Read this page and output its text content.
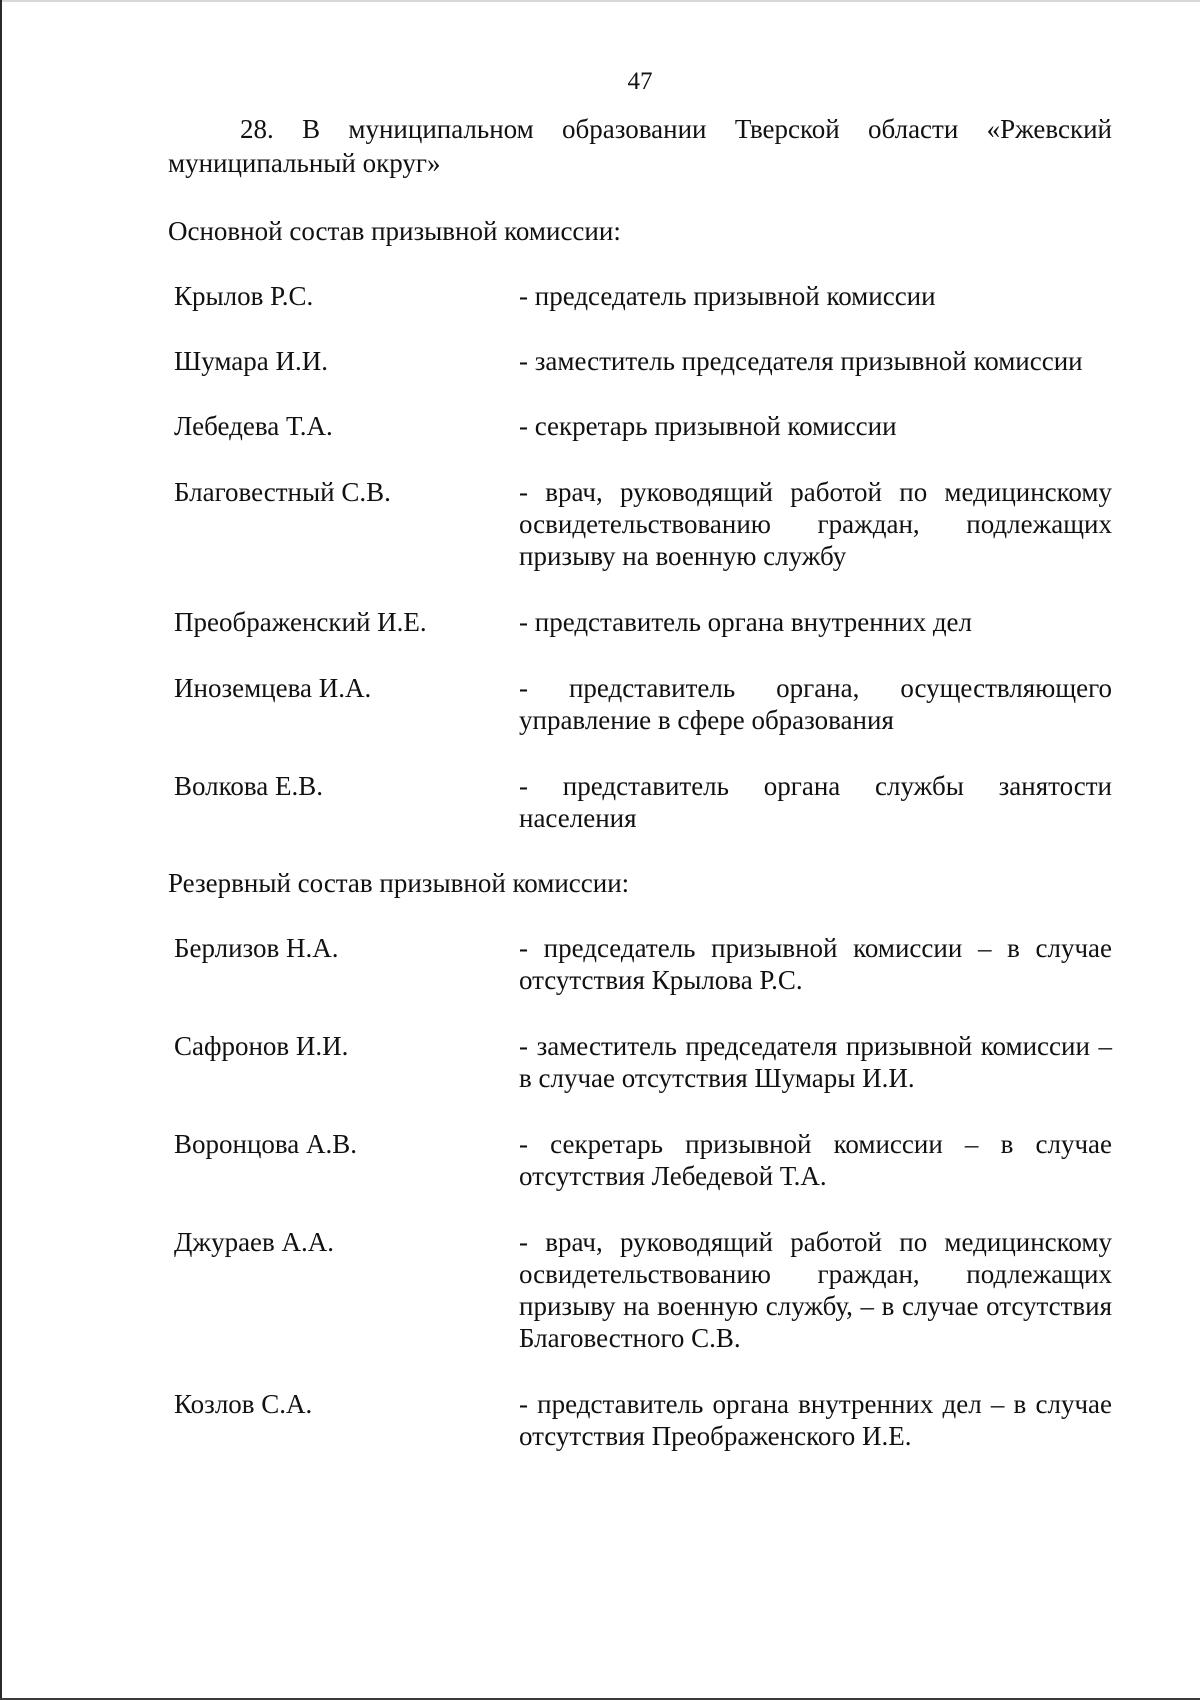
47
28. В муниципальном образовании Тверской области «Ржевский
муниципальный округ»
Основной состав призывной комиссии:
Крылов Р.С.	- председатель призывной комиссии
Шумара И.И.	- заместитель председателя призывной комиссии
Лебедева Т.А.	- секретарь призывной комиссии
Благовестный С.В.	- врач, руководящий работой по медицинскому освидетельствованию граждан, подлежащих призыву на военную службу
Преображенский И.Е.	- представитель органа внутренних дел
Иноземцева И.А.	- представитель органа, осуществляющего управление в сфере образования
Волкова Е.В.	- представитель органа службы занятости населения
Резервный состав призывной комиссии:
Берлизов Н.А.	- председатель призывной комиссии – в случае отсутствия Крылова Р.С.
Сафронов И.И.	- заместитель председателя призывной комиссии – в случае отсутствия Шумары И.И.
Воронцова А.В.	- секретарь призывной комиссии – в случае отсутствия Лебедевой Т.А.
Джураев А.А.	- врач, руководящий работой по медицинскому освидетельствованию граждан, подлежащих призыву на военную службу, – в случае отсутствия Благовестного С.В.
Козлов С.А.	- представитель органа внутренних дел – в случае отсутствия Преображенского И.Е.
